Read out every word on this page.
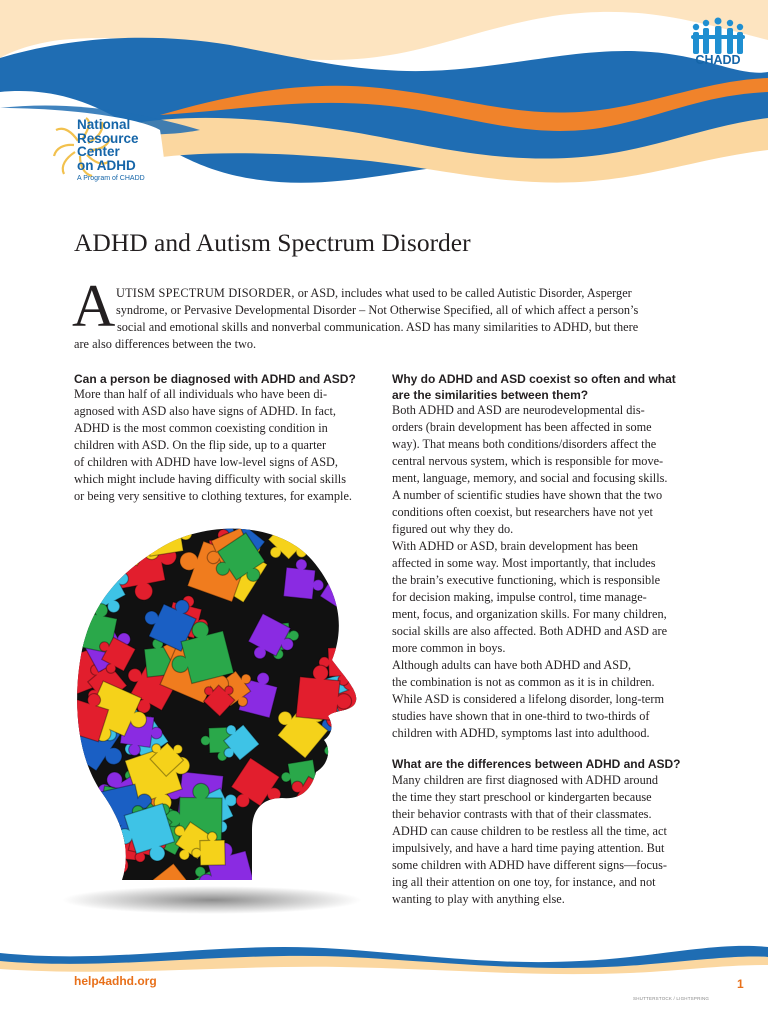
National
Resource
Center
on ADHD
A Program of CHADD
CHADD
ADHD and Autism Spectrum Disorder
A UTISM SPECTRUM DISORDER, or ASD, includes what used to be called Autistic Disorder, Asperger
syndrome, or Pervasive Developmental Disorder – Not Otherwise Specified, all of which affect a person’s
social and emotional skills and nonverbal communication. ASD has many similarities to ADHD, but there
are also differences between the two.
Can a person be diagnosed with ADHD and ASD?

More than half of all individuals who have been di-
agnosed with ASD also have signs of ADHD. In fact,
ADHD is the most common coexisting condition in
children with ASD. On the flip side, up to a quarter
of children with ADHD have low-level signs of ASD,
which might include having difficulty with social skills
or being very sensitive to clothing textures, for example.

Why do ADHD and ASD coexist so often and what
are the similarities between them?

Both ADHD and ASD are neurodevelopmental dis-
orders (brain development has been affected in some
way). That means both conditions/disorders affect the
central nervous system, which is responsible for move-
ment, language, memory, and social and focusing skills.
A number of scientific studies have shown that the two
conditions often coexist, but researchers have not yet
figured out why they do.
With ADHD or ASD, brain development has been
affected in some way. Most importantly, that includes
the brain’s executive functioning, which is responsible
for decision making, impulse control, time manage-
ment, focus, and organization skills. For many children,
social skills are also affected. Both ADHD and ASD are
more common in boys.
Although adults can have both ADHD and ASD,
the combination is not as common as it is in children.
While ASD is considered a lifelong disorder, long-term
studies have shown that in one-third to two-thirds of
children with ADHD, symptoms last into adulthood.

What are the differences between ADHD and ASD?

Many children are first diagnosed with ADHD around
the time they start preschool or kindergarten because
their behavior contrasts with that of their classmates.
ADHD can cause children to be restless all the time, act
impulsively, and have a hard time paying attention. But
some children with ADHD have different signs—focus-
ing all their attention on one toy, for instance, and not
wanting to play with anything else.

help4adhd.org	1
SHUTTERSTOCK / LIGHTSPRING
